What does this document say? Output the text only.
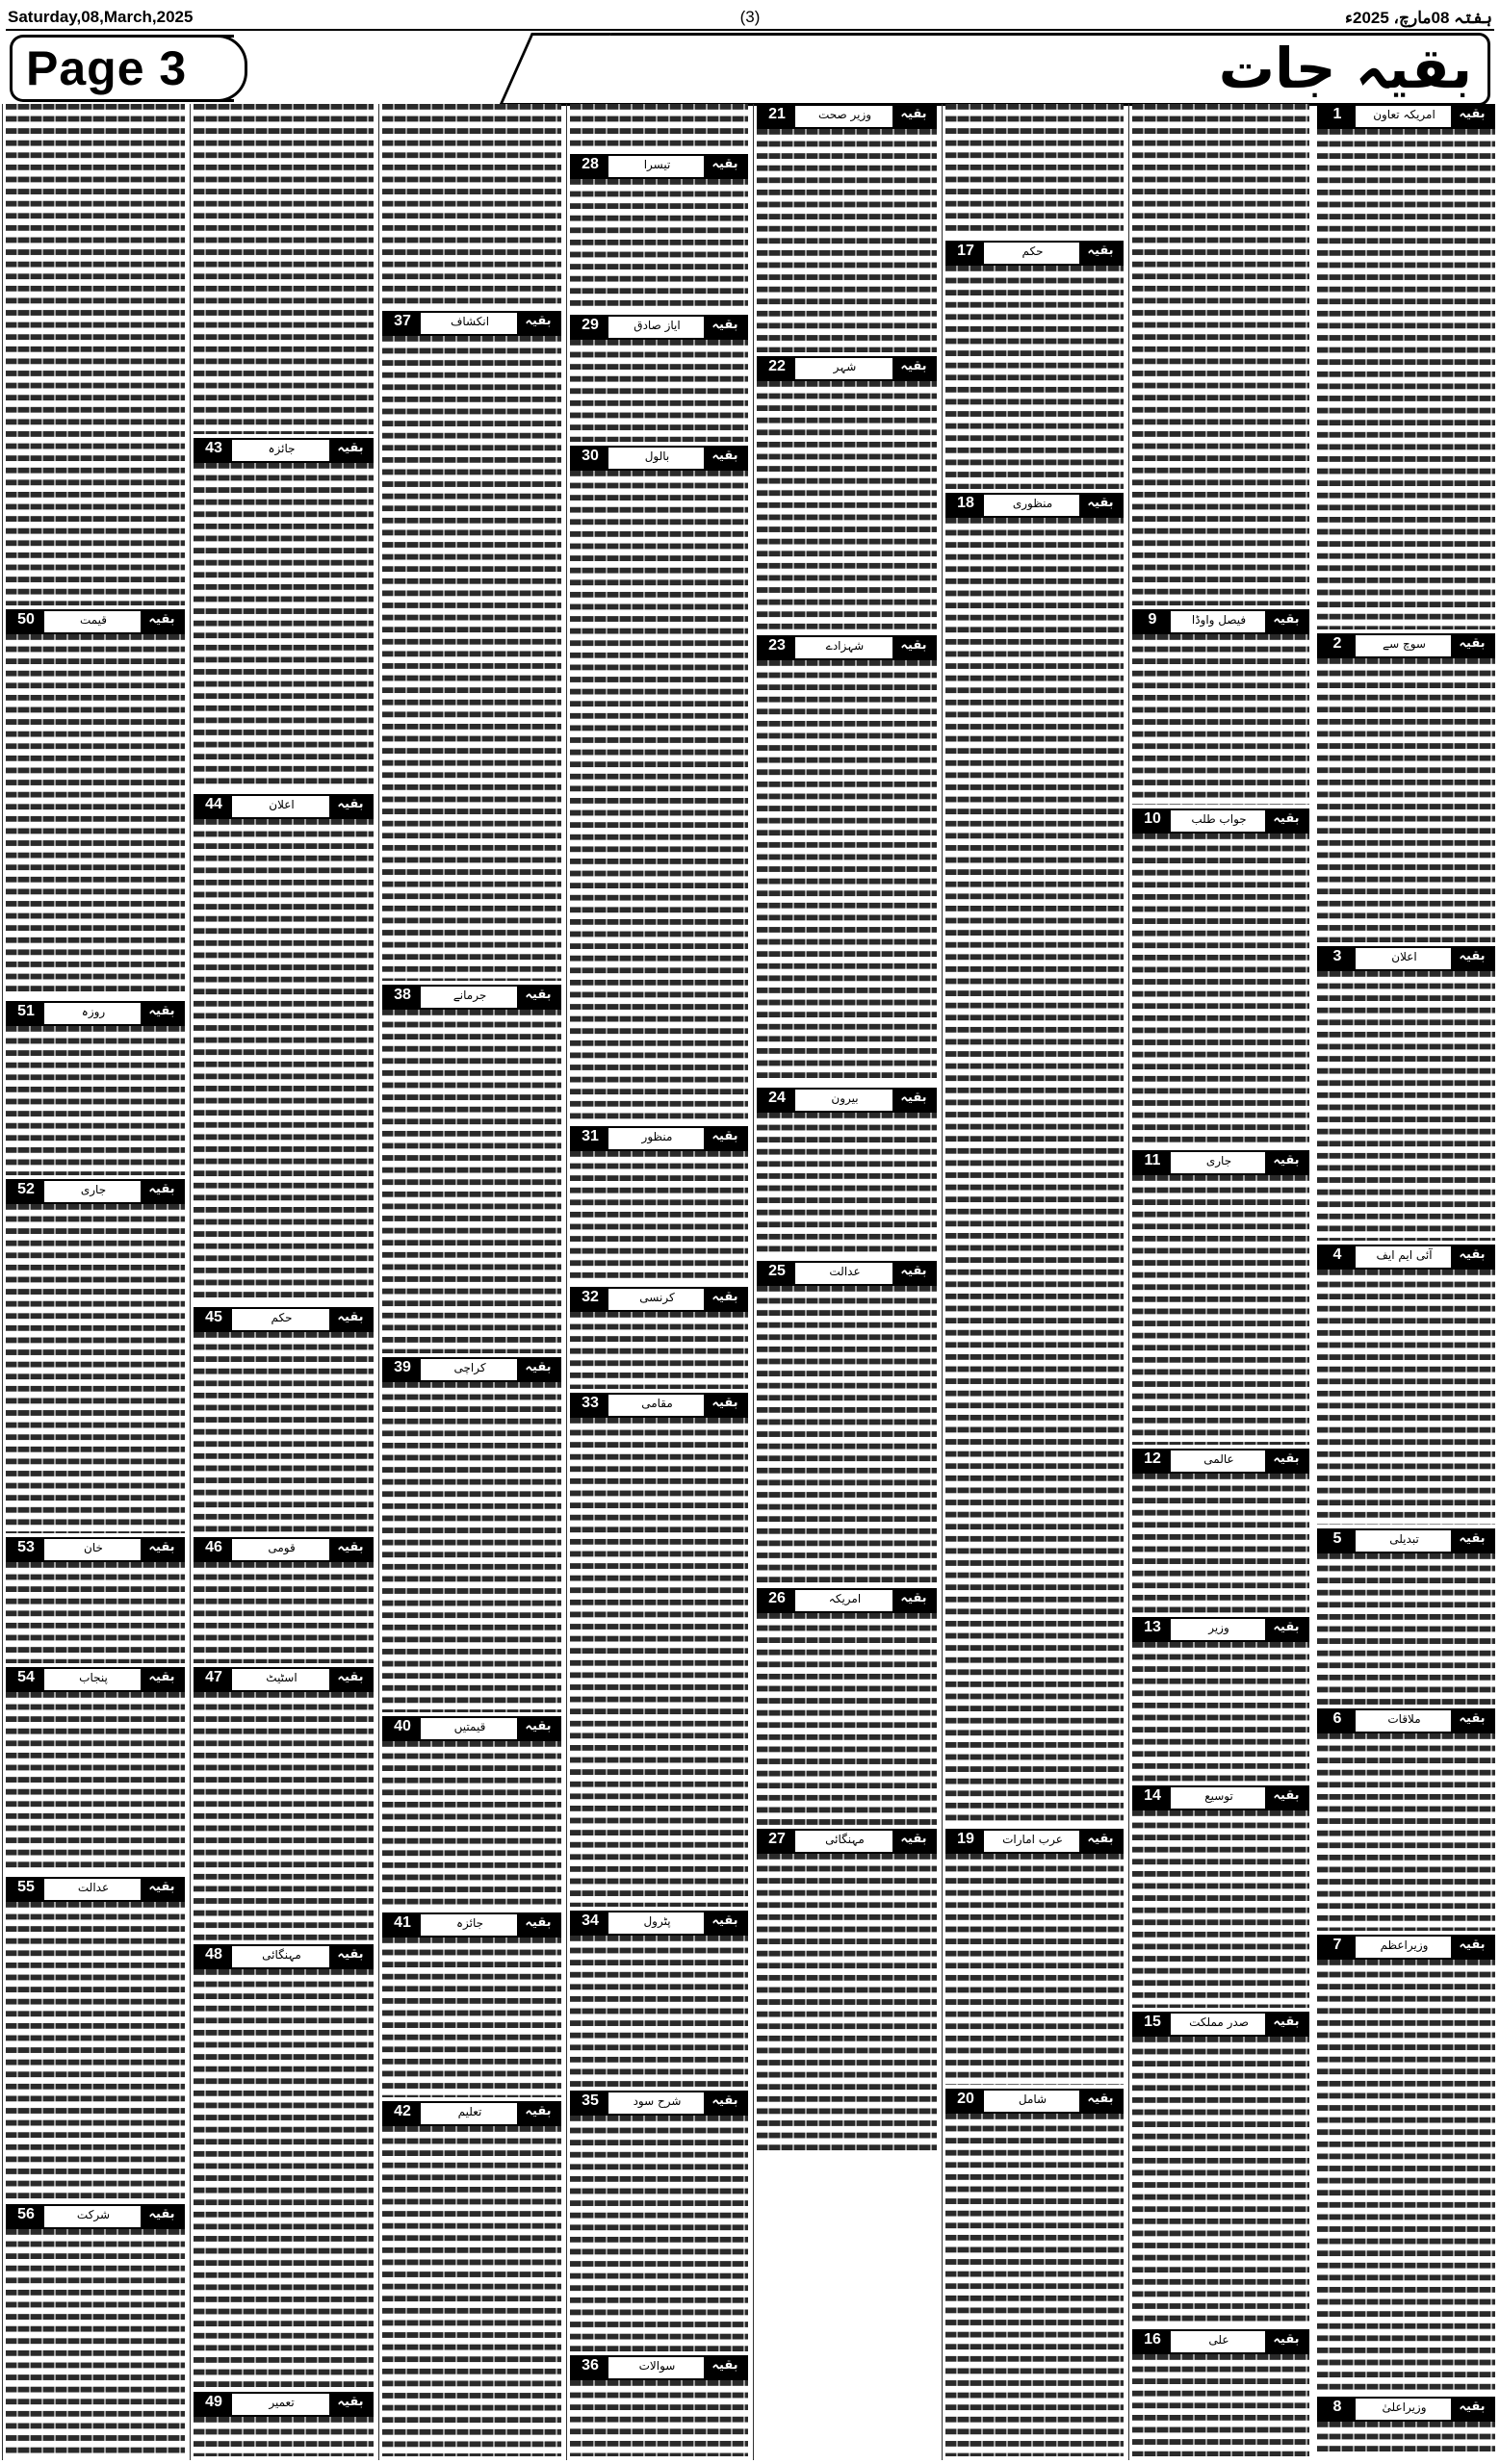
Saturday,08,March,2025	(3)	ہفتہ 08مارچ، 2025ء
Page 3	بقیہ جات
1	امریکہ تعاون	بقیہ
2	سوچ سے	بقیہ
3	اعلان	بقیہ
4	آئی ایم ایف	بقیہ
5	تبدیلی	بقیہ
6	ملاقات	بقیہ
7	وزیراعظم	بقیہ
8	وزیراعلیٰ	بقیہ
9	فیصل واوڈا	بقیہ
10	جواب طلب	بقیہ
11	جاری	بقیہ
12	عالمی	بقیہ
13	وزیر	بقیہ
14	توسیع	بقیہ
15	صدر مملکت	بقیہ
16	علی	بقیہ
17	حکم	بقیہ
18	منظوری	بقیہ
19	عرب امارات	بقیہ
20	شامل	بقیہ
21	وزیر صحت	بقیہ
22	شہر	بقیہ
23	شہزادے	بقیہ
24	بیرون	بقیہ
25	عدالت	بقیہ
26	امریکہ	بقیہ
27	مہنگائی	بقیہ
28	تیسرا	بقیہ
29	ایاز صادق	بقیہ
30	بالول	بقیہ
31	منظور	بقیہ
32	کرنسی	بقیہ
33	مقامی	بقیہ
34	پٹرول	بقیہ
35	شرح سود	بقیہ
36	سوالات	بقیہ
37	انکشاف	بقیہ
38	جرمانے	بقیہ
39	کراچی	بقیہ
40	قیمتیں	بقیہ
41	جائزہ	بقیہ
42	تعلیم	بقیہ
43	جائزہ	بقیہ
44	اعلان	بقیہ
45	حکم	بقیہ
46	قومی	بقیہ
47	اسٹیٹ	بقیہ
48	مہنگائی	بقیہ
49	تعمیر	بقیہ
50	قیمت	بقیہ
51	روزہ	بقیہ
52	جاری	بقیہ
53	خان	بقیہ
54	پنجاب	بقیہ
55	عدالت	بقیہ
56	شرکت	بقیہ
